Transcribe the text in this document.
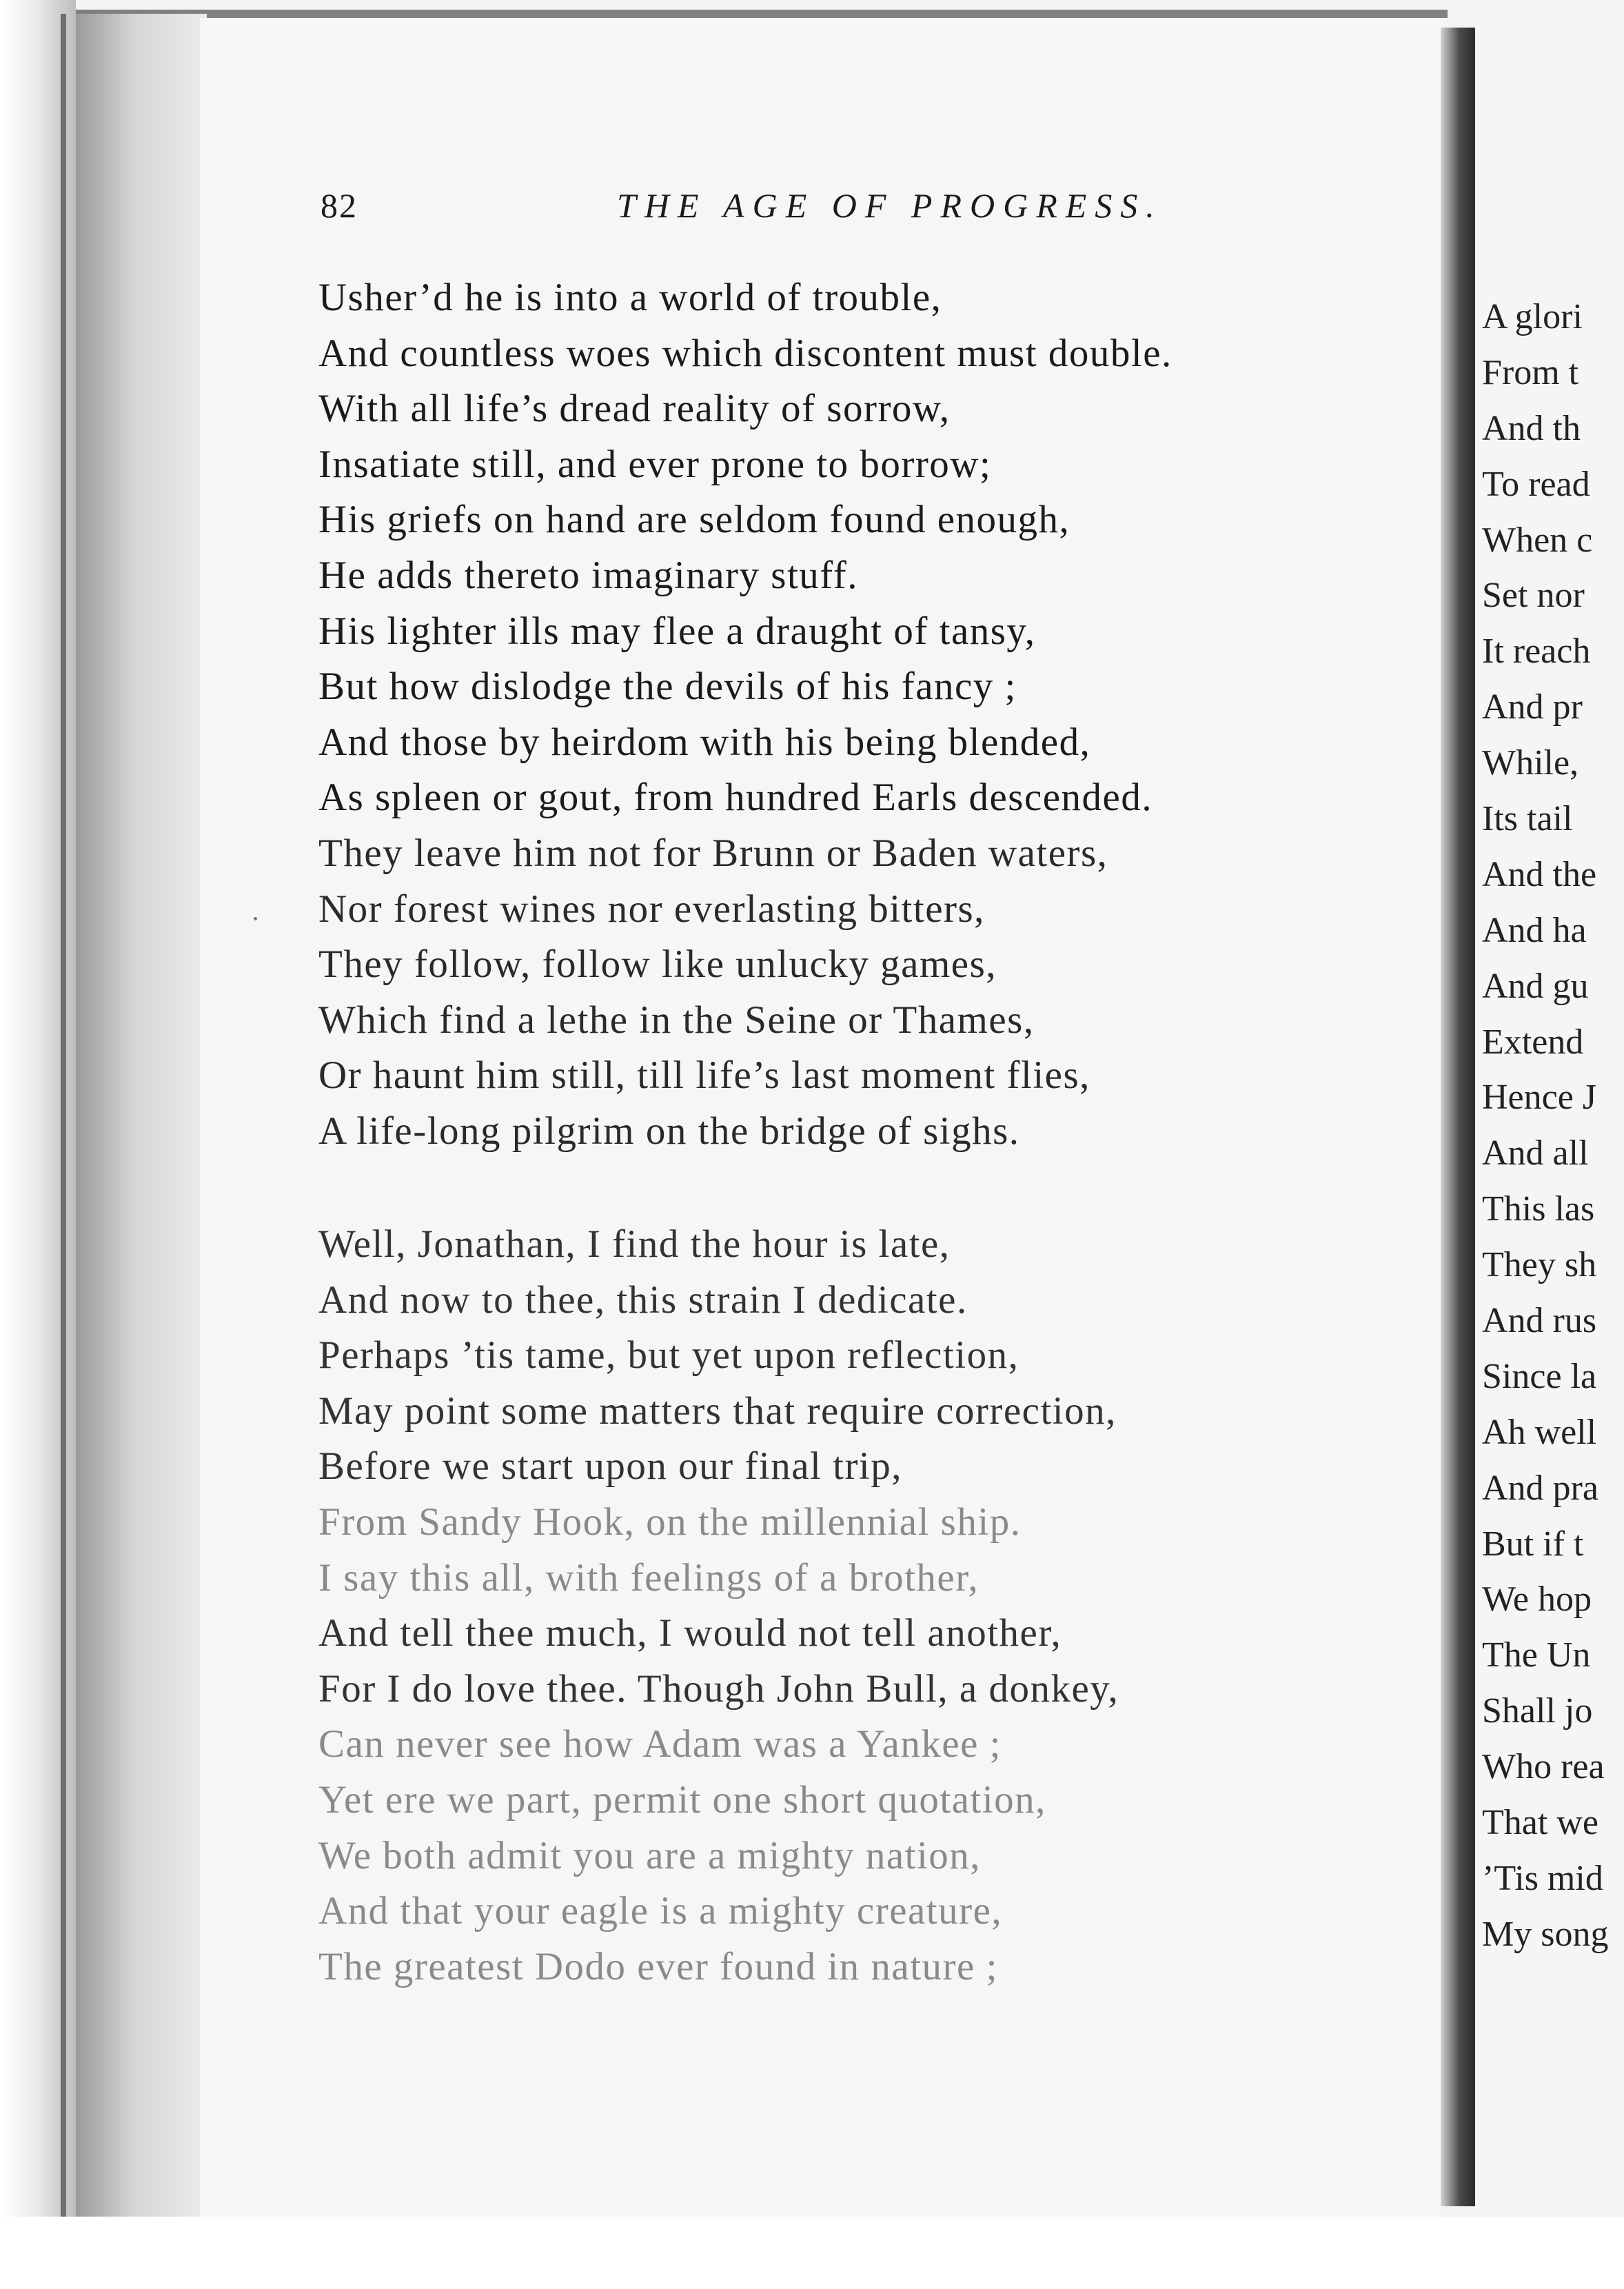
82	THE AGE OF PROGRESS.
Usher’d he is into a world of trouble,
And countless woes which discontent must double.
With all life’s dread reality of sorrow,
Insatiate still, and ever prone to borrow;
His griefs on hand are seldom found enough,
He adds thereto imaginary stuff.
His lighter ills may flee a draught of tansy,
But how dislodge the devils of his fancy ;
And those by heirdom with his being blended,
As spleen or gout, from hundred Earls descended.
They leave him not for Brunn or Baden waters,
Nor forest wines nor everlasting bitters,
They follow, follow like unlucky games,
Which find a lethe in the Seine or Thames,
Or haunt him still, till life’s last moment flies,
A life-long pilgrim on the bridge of sighs.
Well, Jonathan, I find the hour is late,
And now to thee, this strain I dedicate.
Perhaps ’tis tame, but yet upon reflection,
May point some matters that require correction,
Before we start upon our final trip,
From Sandy Hook, on the millennial ship.
I say this all, with feelings of a brother,
And tell thee much, I would not tell another,
For I do love thee. Though John Bull, a donkey,
Can never see how Adam was a Yankee ;
Yet ere we part, permit one short quotation,
We both admit you are a mighty nation,
And that your eagle is a mighty creature,
The greatest Dodo ever found in nature ;
A glori
From t
And th
To read
When c
Set nor
It reach
And pr
While,
Its tail
And the
And ha
And gu
Extend
Hence J
And all
This las
They sh
And rus
Since la
Ah well
And pra
But if t
We hop
The Un
Shall jo
Who rea
That we
’Tis mid
My song
